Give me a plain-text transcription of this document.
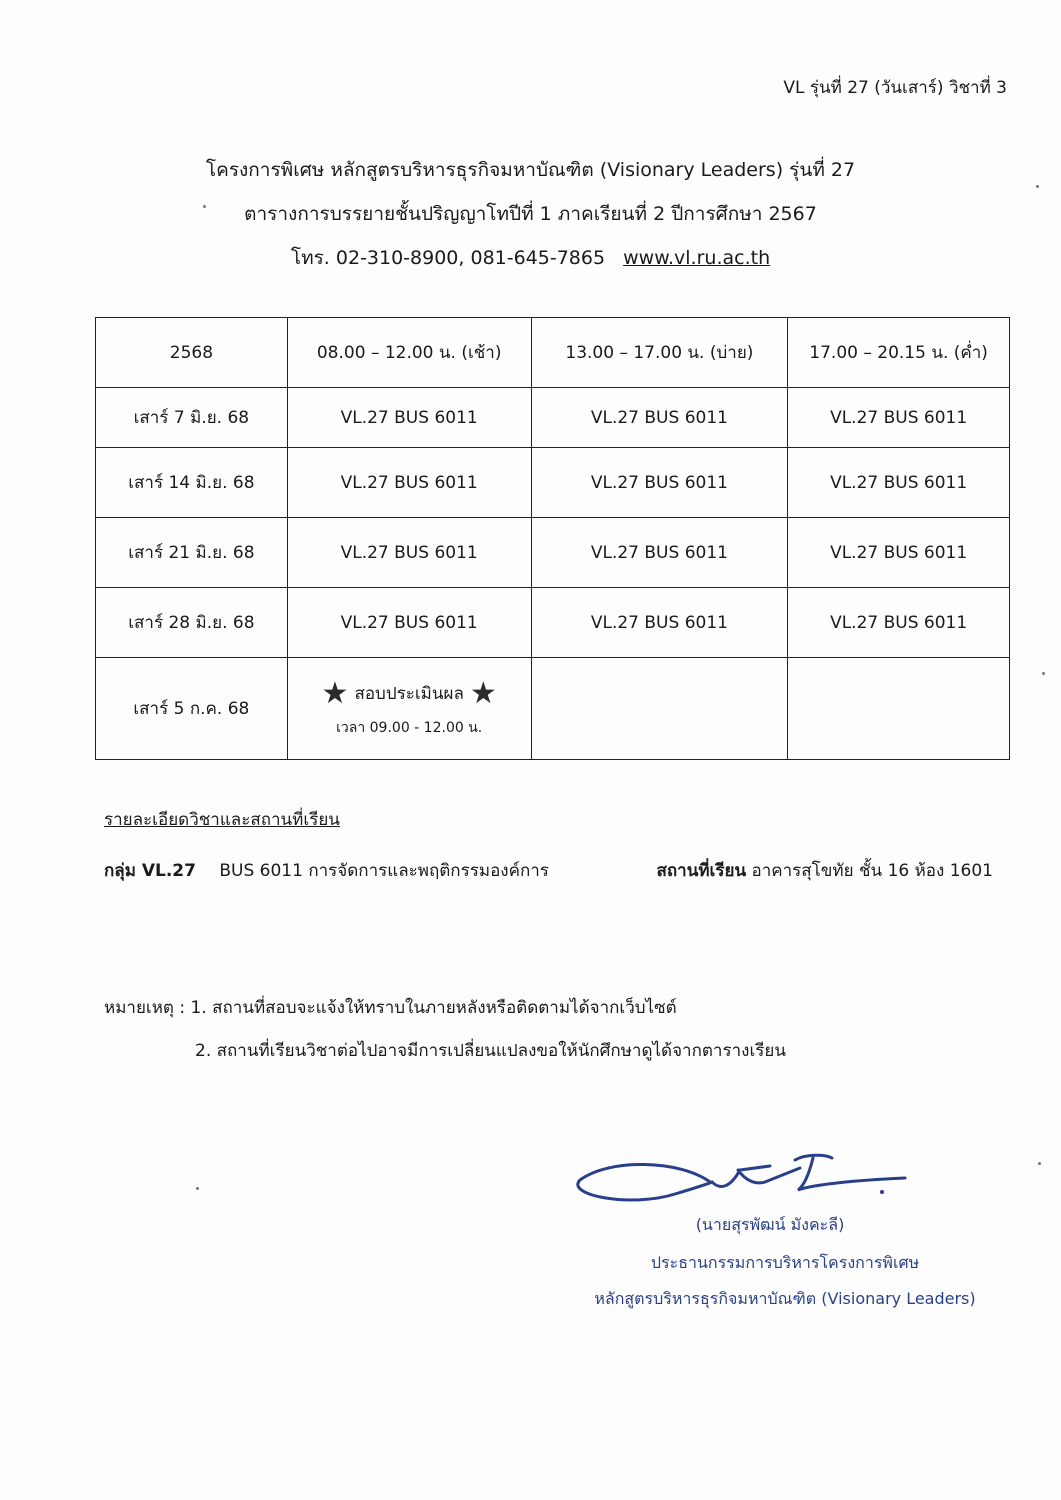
VL รุ่นที่ 27 (วันเสาร์) วิชาที่ 3
โครงการพิเศษ หลักสูตรบริหารธุรกิจมหาบัณฑิต (Visionary Leaders) รุ่นที่ 27
ตารางการบรรยายชั้นปริญญาโทปีที่ 1 ภาคเรียนที่ 2 ปีการศึกษา 2567
โทร. 02-310-8900, 081-645-7865 www.vl.ru.ac.th
2568	08.00 – 12.00 น. (เช้า)	13.00 – 17.00 น. (บ่าย)	17.00 – 20.15 น. (ค่ำ)
เสาร์ 7 มิ.ย. 68	VL.27 BUS 6011	VL.27 BUS 6011	VL.27 BUS 6011
เสาร์ 14 มิ.ย. 68	VL.27 BUS 6011	VL.27 BUS 6011	VL.27 BUS 6011
เสาร์ 21 มิ.ย. 68	VL.27 BUS 6011	VL.27 BUS 6011	VL.27 BUS 6011
เสาร์ 28 มิ.ย. 68	VL.27 BUS 6011	VL.27 BUS 6011	VL.27 BUS 6011
เสาร์ 5 ก.ค. 68	★ สอบประเมินผล ★
เวลา 09.00 - 12.00 น.		

รายละเอียดวิชาและสถานที่เรียน
กลุ่ม VL.27 BUS 6011 การจัดการและพฤติกรรมองค์การ	สถานที่เรียน อาคารสุโขทัย ชั้น 16 ห้อง 1601
หมายเหตุ : 1. สถานที่สอบจะแจ้งให้ทราบในภายหลังหรือติดตามได้จากเว็บไซต์
2. สถานที่เรียนวิชาต่อไปอาจมีการเปลี่ยนแปลงขอให้นักศึกษาดูได้จากตารางเรียน
(นายสุรพัฒน์ มังคะลี)
ประธานกรรมการบริหารโครงการพิเศษ
หลักสูตรบริหารธุรกิจมหาบัณฑิต (Visionary Leaders)
